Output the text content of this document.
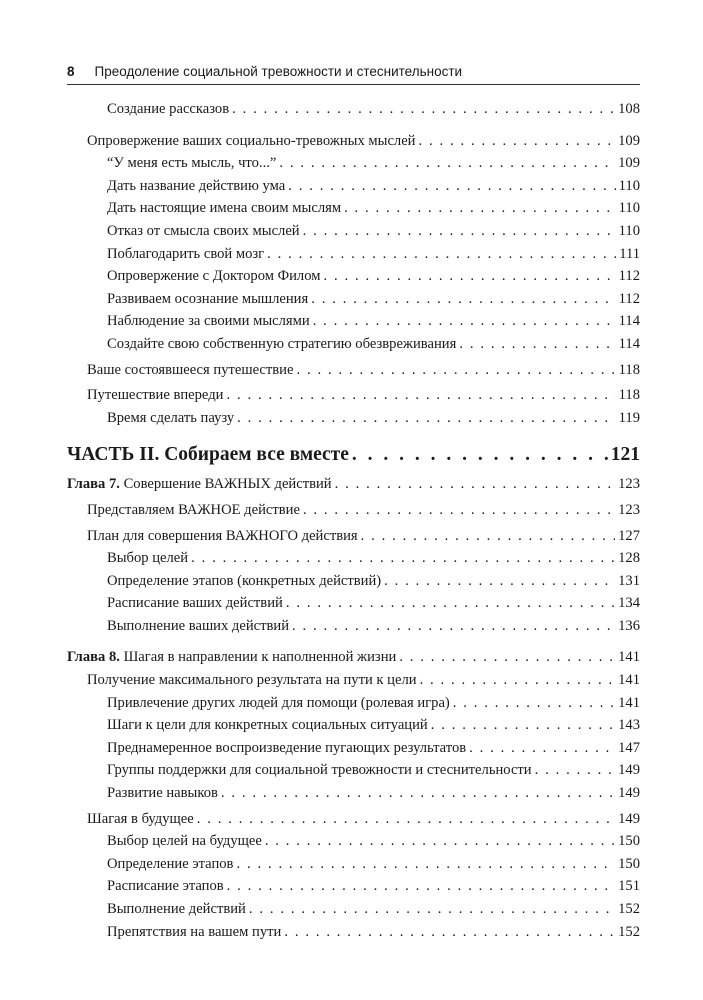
8 Преодоление социальной тревожности и стеснительности
Создание рассказов . . .	108
Опровержение ваших социально-тревожных мыслей . . .	109
“У меня есть мысль, что...” . . .	109
Дать название действию ума . . .	110
Дать настоящие имена своим мыслям . . .	110
Отказ от смысла своих мыслей . . .	110
Поблагодарить свой мозг . . .	111
Опровержение с Доктором Филом . . .	112
Развиваем осознание мышления . . .	112
Наблюдение за своими мыслями . . .	114
Создайте свою собственную стратегию обезвреживания . . .	114
Ваше состоявшееся путешествие . . .	118
Путешествие впереди . . .	118
Время сделать паузу . . .	119
ЧАСТЬ II. Собираем все вместе . . .	121
Глава 7. Совершение ВАЖНЫХ действий . . .	123
Представляем ВАЖНОЕ действие . . .	123
План для совершения ВАЖНОГО действия . . .	127
Выбор целей . . .	128
Определение этапов (конкретных действий) . . .	131
Расписание ваших действий . . .	134
Выполнение ваших действий . . .	136
Глава 8. Шагая в направлении к наполненной жизни . . .	141
Получение максимального результата на пути к цели . . .	141
Привлечение других людей для помощи (ролевая игра) . . .	141
Шаги к цели для конкретных социальных ситуаций . . .	143
Преднамеренное воспроизведение пугающих результатов . . .	147
Группы поддержки для социальной тревожности и стеснительности . . .	149
Развитие навыков . . .	149
Шагая в будущее . . .	149
Выбор целей на будущее . . .	150
Определение этапов . . .	150
Расписание этапов . . .	151
Выполнение действий . . .	152
Препятствия на вашем пути . . .	152
